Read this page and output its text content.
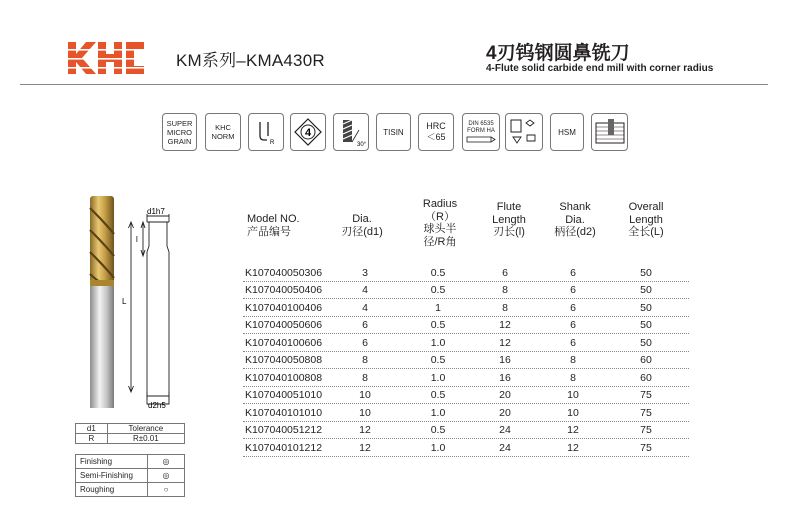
KM系列–KMA430R	4刃钨钢圆鼻铣刀
4-Flute solid carbide end mill with corner radius
SUPER
MICRO
GRAIN
KHC
NORM
R
4
30°
TISIN
HRC
＜65
DIN 6535
FORM HA	HSM
d1h7
L
l
d2h5
Model NO.
产品编号
Dia.
刃径(d1)
Radius
（R）
球头半
径/R角
Flute
Length
刃长(l)
Shank
Dia.
柄径(d2)
Overall
Length
全长(L)
K107040050306	3	0.5	6	6	50
K107040050406	4	0.5	8	6	50
K107040100406	4	1	8	6	50
K107040050606	6	0.5	12	6	50
K107040100606	6	1.0	12	6	50
K107040050808	8	0.5	16	8	60
K107040100808	8	1.0	16	8	60
K107040051010	10	0.5	20	10	75
K107040101010	10	1.0	20	10	75
K107040051212	12	0.5	24	12	75
K107040101212	12	1.0	24	12	75
d1	Tolerance
R	R±0.01
Finishing	◎
Semi-Finishing	◎
Roughing	○
